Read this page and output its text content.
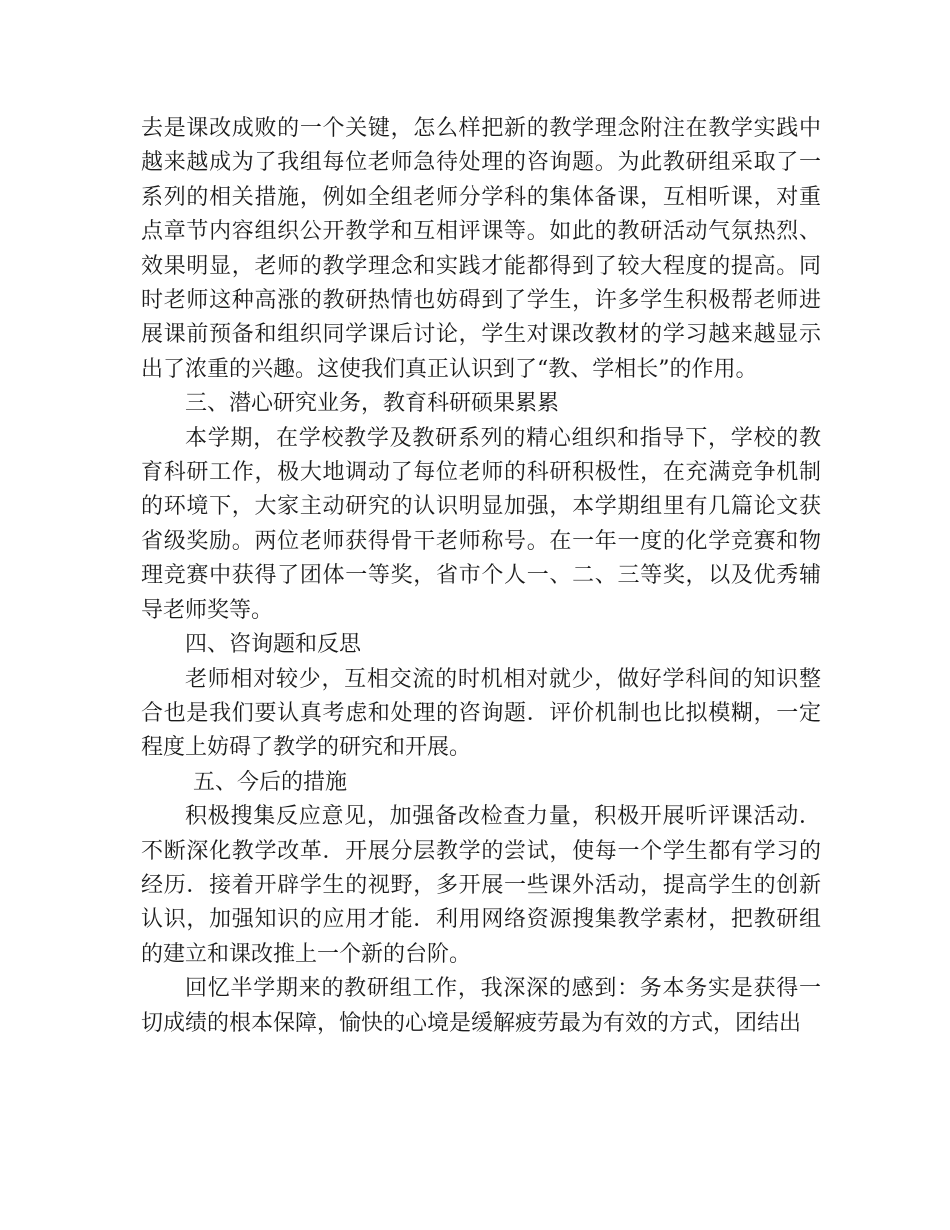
去是课改成败的一个关键，怎么样把新的教学理念附注在教学实践中越来越成为了我组每位老师急待处理的咨询题。为此教研组采取了一系列的相关措施，例如全组老师分学科的集体备课，互相听课，对重点章节内容组织公开教学和互相评课等。如此的教研活动气氛热烈、效果明显，老师的教学理念和实践才能都得到了较大程度的提高。同时老师这种高涨的教研热情也妨碍到了学生，许多学生积极帮老师进展课前预备和组织同学课后讨论，学生对课改教材的学习越来越显示出了浓重的兴趣。这使我们真正认识到了“教、学相长”的作用。

三、潜心研究业务，教育科研硕果累累

本学期，在学校教学及教研系列的精心组织和指导下，学校的教育科研工作，极大地调动了每位老师的科研积极性，在充满竞争机制的环境下，大家主动研究的认识明显加强，本学期组里有几篇论文获省级奖励。两位老师获得骨干老师称号。在一年一度的化学竞赛和物理竞赛中获得了团体一等奖，省市个人一、二、三等奖，以及优秀辅导老师奖等。

四、咨询题和反思

老师相对较少，互相交流的时机相对就少，做好学科间的知识整合也是我们要认真考虑和处理的咨询题．评价机制也比拟模糊，一定程度上妨碍了教学的研究和开展。

五、今后的措施

积极搜集反应意见，加强备改检查力量，积极开展听评课活动．不断深化教学改革．开展分层教学的尝试，使每一个学生都有学习的经历．接着开辟学生的视野，多开展一些课外活动，提高学生的创新认识，加强知识的应用才能．利用网络资源搜集教学素材，把教研组的建立和课改推上一个新的台阶。

回忆半学期来的教研组工作，我深深的感到：务本务实是获得一切成绩的根本保障，愉快的心境是缓解疲劳最为有效的方式，团结出
